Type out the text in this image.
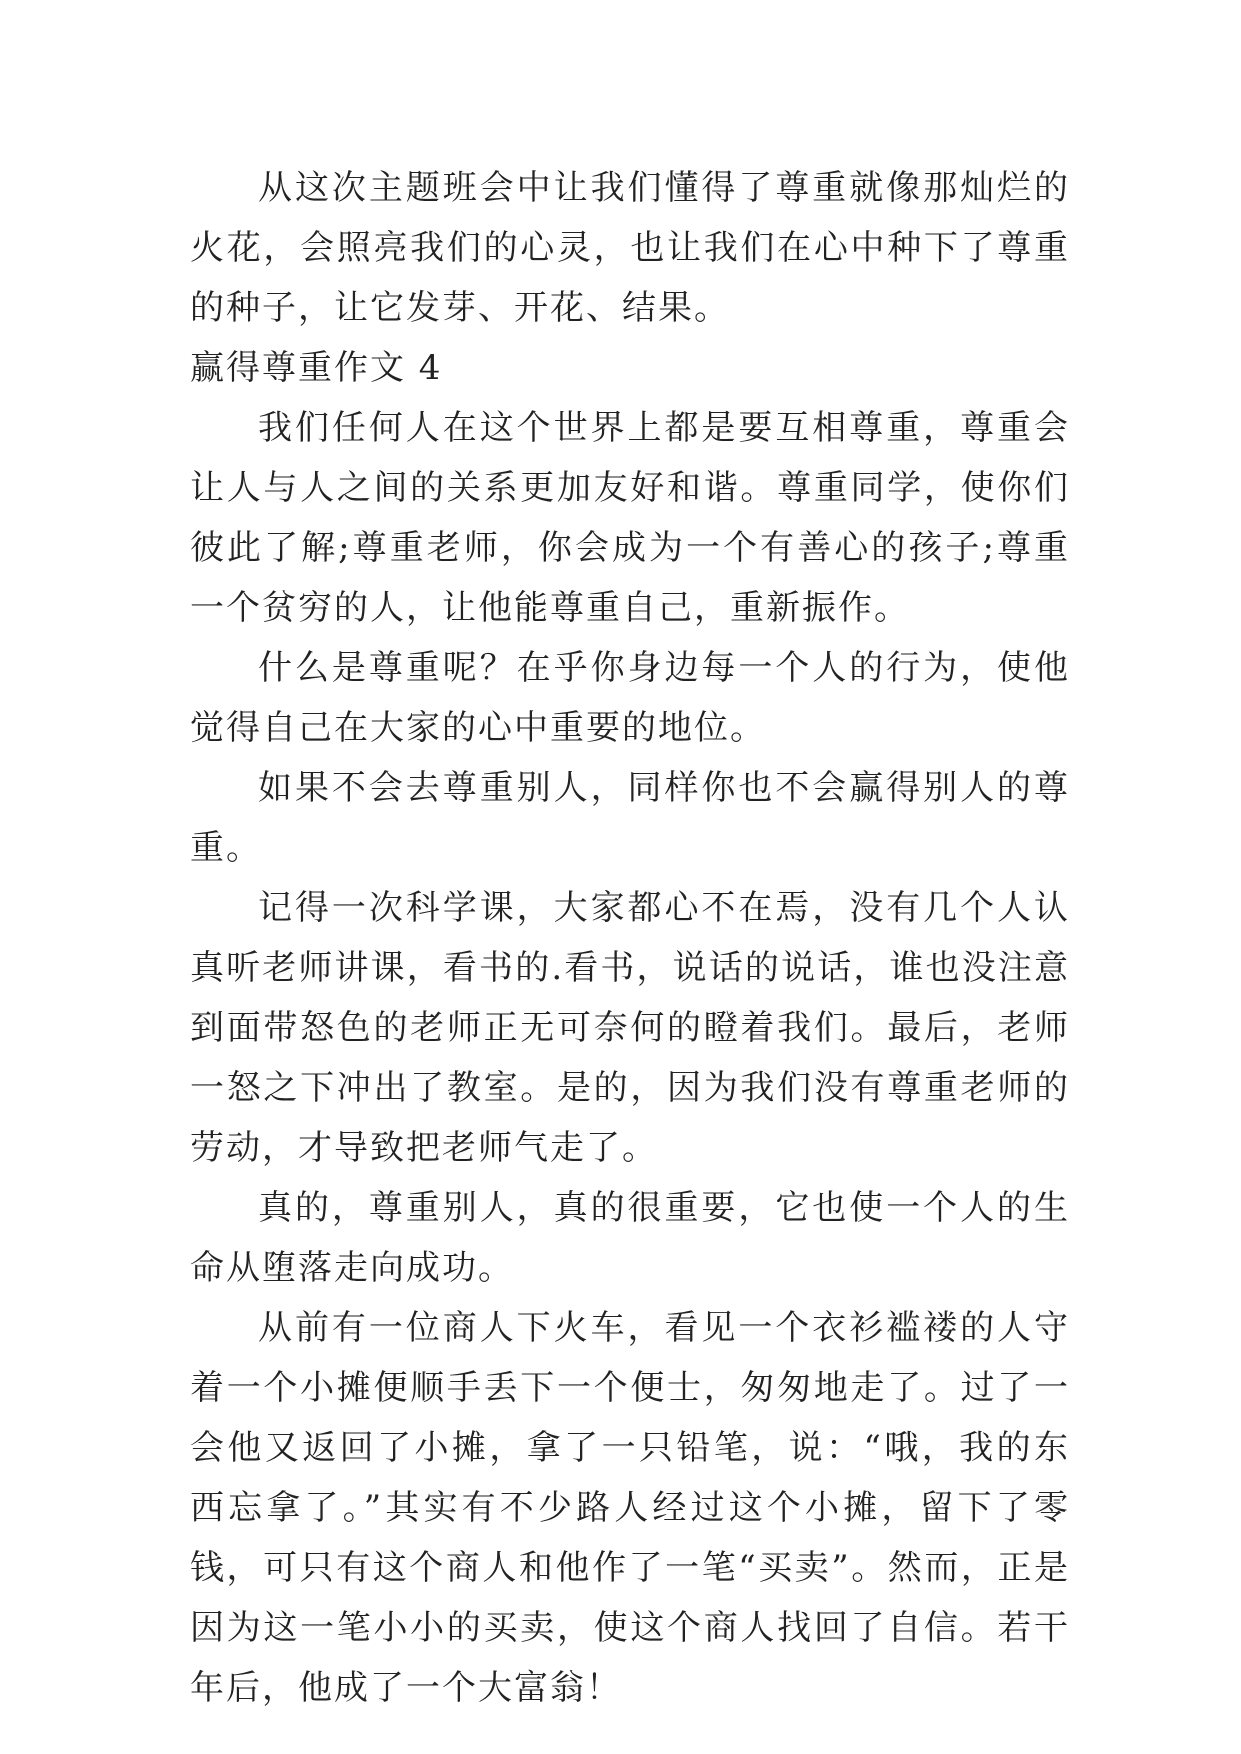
从这次主题班会中让我们懂得了尊重就像那灿烂的火花，会照亮我们的心灵，也让我们在心中种下了尊重的种子，让它发芽、开花、结果。

赢得尊重作文 4

我们任何人在这个世界上都是要互相尊重，尊重会让人与人之间的关系更加友好和谐。尊重同学，使你们彼此了解;尊重老师，你会成为一个有善心的孩子;尊重一个贫穷的人，让他能尊重自己，重新振作。

什么是尊重呢？在乎你身边每一个人的行为，使他觉得自己在大家的心中重要的地位。

如果不会去尊重别人，同样你也不会赢得别人的尊重。

记得一次科学课，大家都心不在焉，没有几个人认真听老师讲课，看书的.看书，说话的说话，谁也没注意到面带怒色的老师正无可奈何的瞪着我们。最后，老师一怒之下冲出了教室。是的，因为我们没有尊重老师的劳动，才导致把老师气走了。

真的，尊重别人，真的很重要，它也使一个人的生命从堕落走向成功。

从前有一位商人下火车，看见一个衣衫褴褛的人守着一个小摊便顺手丢下一个便士，匆匆地走了。过了一会他又返回了小摊，拿了一只铅笔，说：“哦，我的东西忘拿了。”其实有不少路人经过这个小摊，留下了零钱，可只有这个商人和他作了一笔“买卖”。然而，正是因为这一笔小小的买卖，使这个商人找回了自信。若干年后，他成了一个大富翁！
